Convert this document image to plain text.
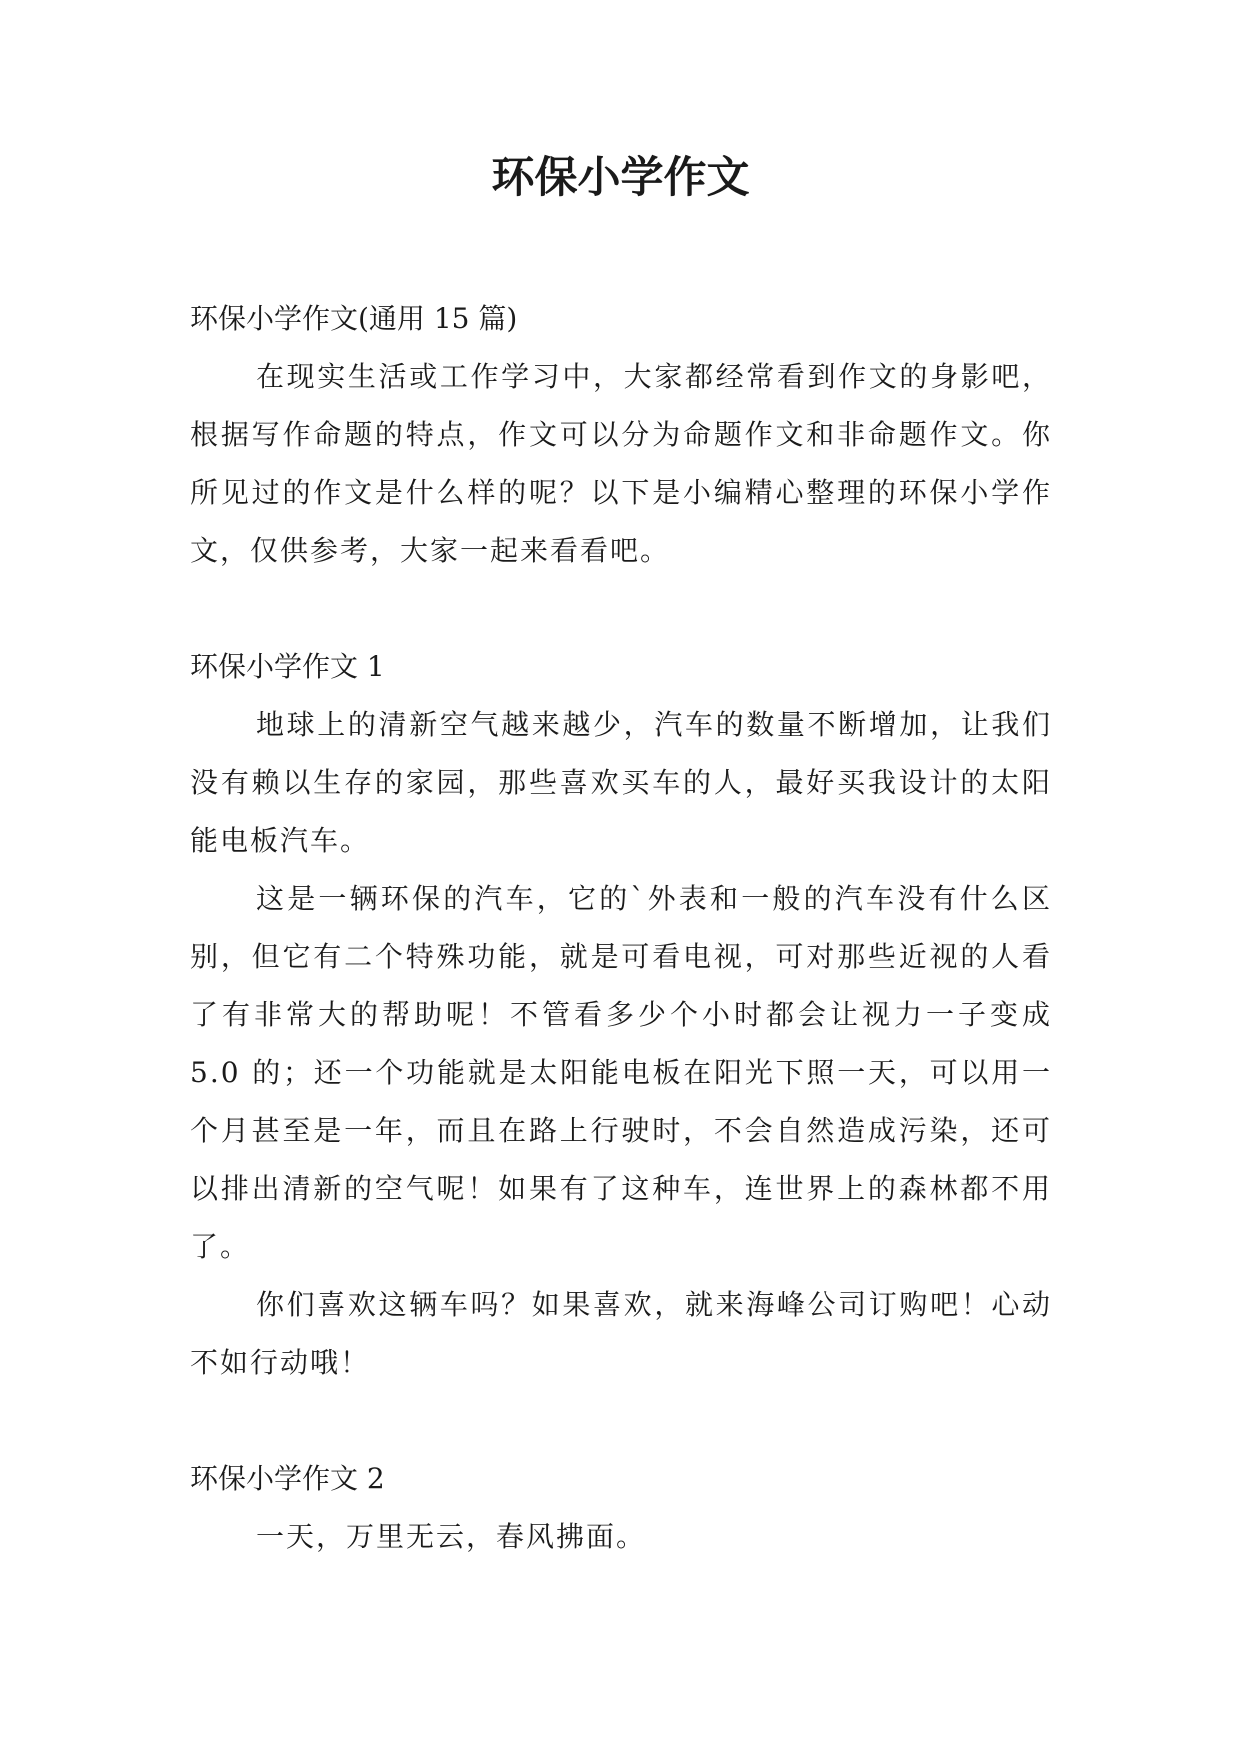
环保小学作文

环保小学作文(通用 15 篇)

在现实生活或工作学习中，大家都经常看到作文的身影吧，根据写作命题的特点，作文可以分为命题作文和非命题作文。你所见过的作文是什么样的呢？以下是小编精心整理的环保小学作文，仅供参考，大家一起来看看吧。

环保小学作文 1

地球上的清新空气越来越少，汽车的数量不断增加，让我们没有赖以生存的家园，那些喜欢买车的人，最好买我设计的太阳能电板汽车。

这是一辆环保的汽车，它的`外表和一般的汽车没有什么区别，但它有二个特殊功能，就是可看电视，可对那些近视的人看了有非常大的帮助呢！不管看多少个小时都会让视力一子变成 5.0 的；还一个功能就是太阳能电板在阳光下照一天，可以用一个月甚至是一年，而且在路上行驶时，不会自然造成污染，还可以排出清新的空气呢！如果有了这种车，连世界上的森林都不用了。

你们喜欢这辆车吗？如果喜欢，就来海峰公司订购吧！心动不如行动哦！

环保小学作文 2

一天，万里无云，春风拂面。
